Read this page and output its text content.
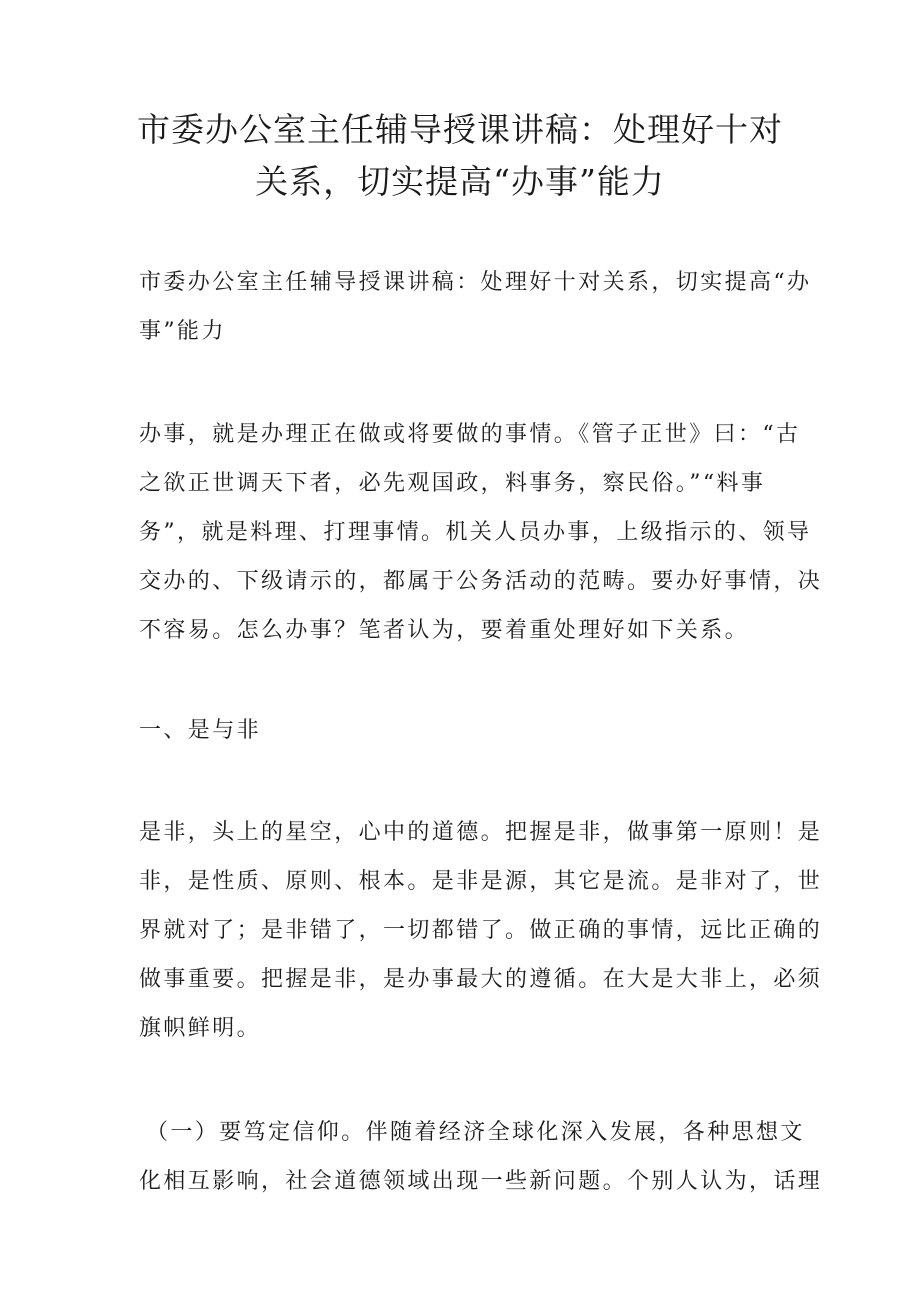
市委办公室主任辅导授课讲稿：处理好十对
关系，切实提高“办事”能力

市委办公室主任辅导授课讲稿：处理好十对关系，切实提高“办
事”能力

办事，就是办理正在做或将要做的事情。《管子正世》曰：“古
之欲正世调天下者，必先观国政，料事务，察民俗。”“料事
务”，就是料理、打理事情。机关人员办事，上级指示的、领导
交办的、下级请示的，都属于公务活动的范畴。要办好事情，决
不容易。怎么办事？笔者认为，要着重处理好如下关系。

一、是与非

是非，头上的星空，心中的道德。把握是非，做事第一原则！是
非，是性质、原则、根本。是非是源，其它是流。是非对了，世
界就对了；是非错了，一切都错了。做正确的事情，远比正确的
做事重要。把握是非，是办事最大的遵循。在大是大非上，必须
旗帜鲜明。

（一）要笃定信仰。伴随着经济全球化深入发展，各种思想文
化相互影响，社会道德领域出现一些新问题。个别人认为，话理
